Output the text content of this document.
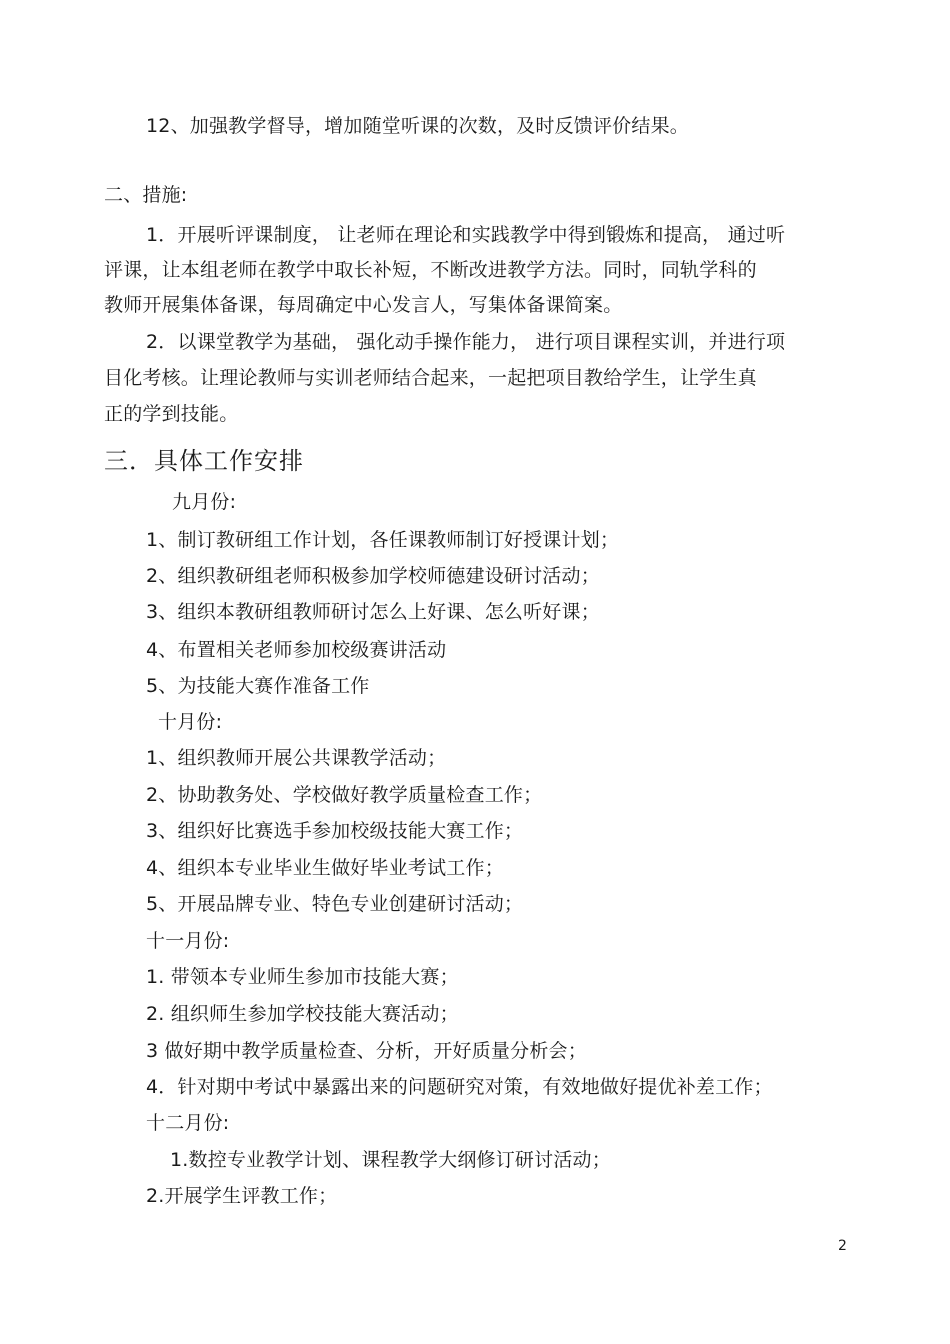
12、加强教学督导，增加随堂听课的次数，及时反馈评价结果。
二、措施:
1．开展听评课制度， 让老师在理论和实践教学中得到锻炼和提高， 通过听
评课，让本组老师在教学中取长补短，不断改进教学方法。同时，同轨学科的
教师开展集体备课，每周确定中心发言人，写集体备课简案。
2．以课堂教学为基础， 强化动手操作能力， 进行项目课程实训，并进行项
目化考核。让理论教师与实训老师结合起来，一起把项目教给学生，让学生真
正的学到技能。
三．具体工作安排
九月份:
1、制订教研组工作计划，各任课教师制订好授课计划；
2、组织教研组老师积极参加学校师德建设研讨活动；
3、组织本教研组教师研讨怎么上好课、怎么听好课；
4、布置相关老师参加校级赛讲活动
5、为技能大赛作准备工作
十月份:
1、组织教师开展公共课教学活动；
2、协助教务处、学校做好教学质量检查工作；
3、组织好比赛选手参加校级技能大赛工作；
4、组织本专业毕业生做好毕业考试工作；
5、开展品牌专业、特色专业创建研讨活动；
十一月份:
1. 带领本专业师生参加市技能大赛；
2. 组织师生参加学校技能大赛活动；
3 做好期中教学质量检查、分析，开好质量分析会；
4．针对期中考试中暴露出来的问题研究对策，有效地做好提优补差工作；
十二月份:
1.数控专业教学计划、课程教学大纲修订研讨活动；
2.开展学生评教工作；
2
